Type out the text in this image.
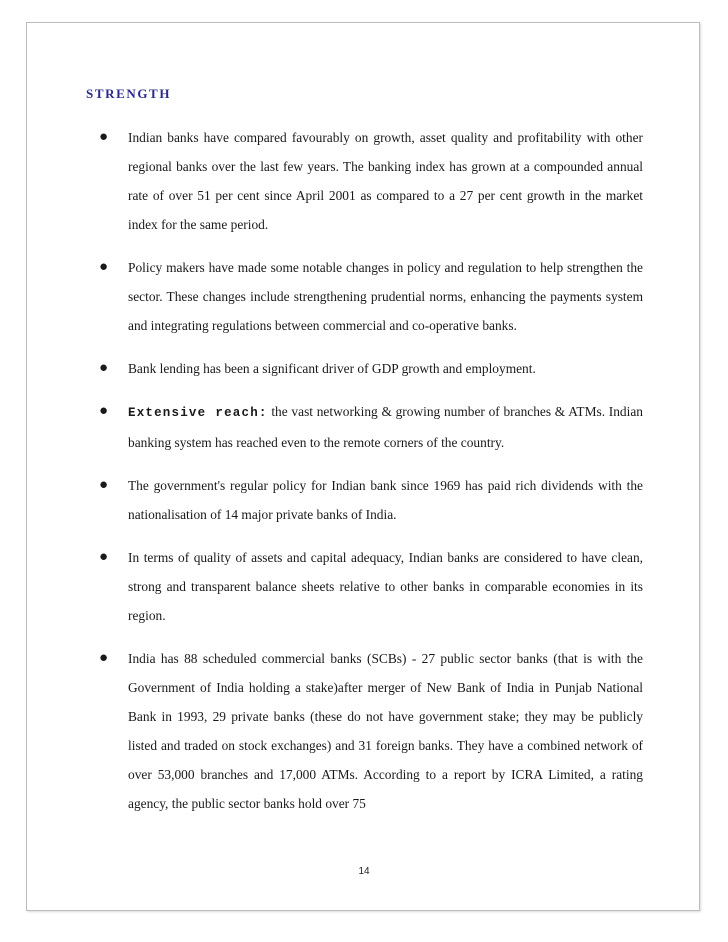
STRENGTH
● Indian banks have compared favourably on growth, asset quality and profitability with other regional banks over the last few years. The banking index has grown at a compounded annual rate of over 51 per cent since April 2001 as compared to a 27 per cent growth in the market index for the same period.
● Policy makers have made some notable changes in policy and regulation to help strengthen the sector. These changes include strengthening prudential norms, enhancing the payments system and integrating regulations between commercial and co-operative banks.
● Bank lending has been a significant driver of GDP growth and employment.
● Extensive reach: the vast networking & growing number of branches & ATMs. Indian banking system has reached even to the remote corners of the country.
● The government's regular policy for Indian bank since 1969 has paid rich dividends with the nationalisation of 14 major private banks of India.
● In terms of quality of assets and capital adequacy, Indian banks are considered to have clean, strong and transparent balance sheets relative to other banks in comparable economies in its region.
● India has 88 scheduled commercial banks (SCBs) - 27 public sector banks (that is with the Government of India holding a stake)after merger of New Bank of India in Punjab National Bank in 1993, 29 private banks (these do not have government stake; they may be publicly listed and traded on stock exchanges) and 31 foreign banks. They have a combined network of over 53,000 branches and 17,000 ATMs. According to a report by ICRA Limited, a rating agency, the public sector banks hold over 75
14
